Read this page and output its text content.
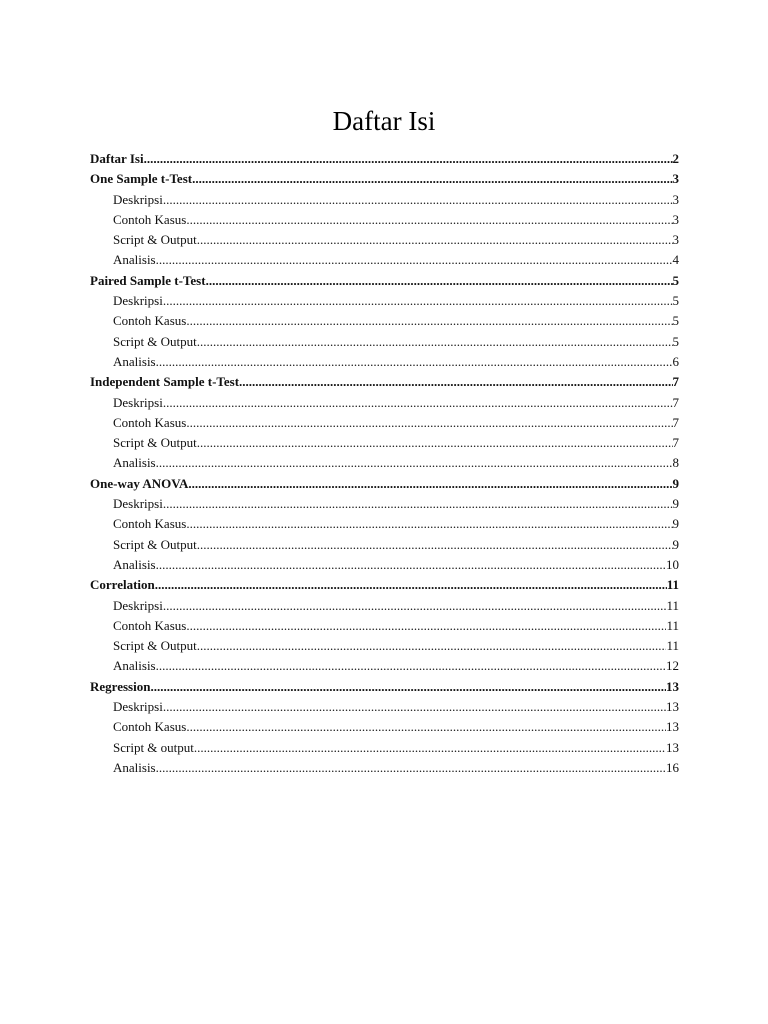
Daftar Isi
Daftar Isi .....	2
One Sample t-Test .....	3
Deskripsi .....	3
Contoh Kasus .....	3
Script & Output .....	3
Analisis .....	4
Paired Sample t-Test .....	5
Deskripsi .....	5
Contoh Kasus .....	5
Script & Output .....	5
Analisis .....	6
Independent Sample t-Test .....	7
Deskripsi .....	7
Contoh Kasus .....	7
Script & Output .....	7
Analisis .....	8
One-way ANOVA .....	9
Deskripsi .....	9
Contoh Kasus .....	9
Script & Output .....	9
Analisis .....	10
Correlation .....	11
Deskripsi .....	11
Contoh Kasus .....	11
Script & Output .....	11
Analisis .....	12
Regression .....	13
Deskripsi .....	13
Contoh Kasus .....	13
Script & output .....	13
Analisis .....	16
